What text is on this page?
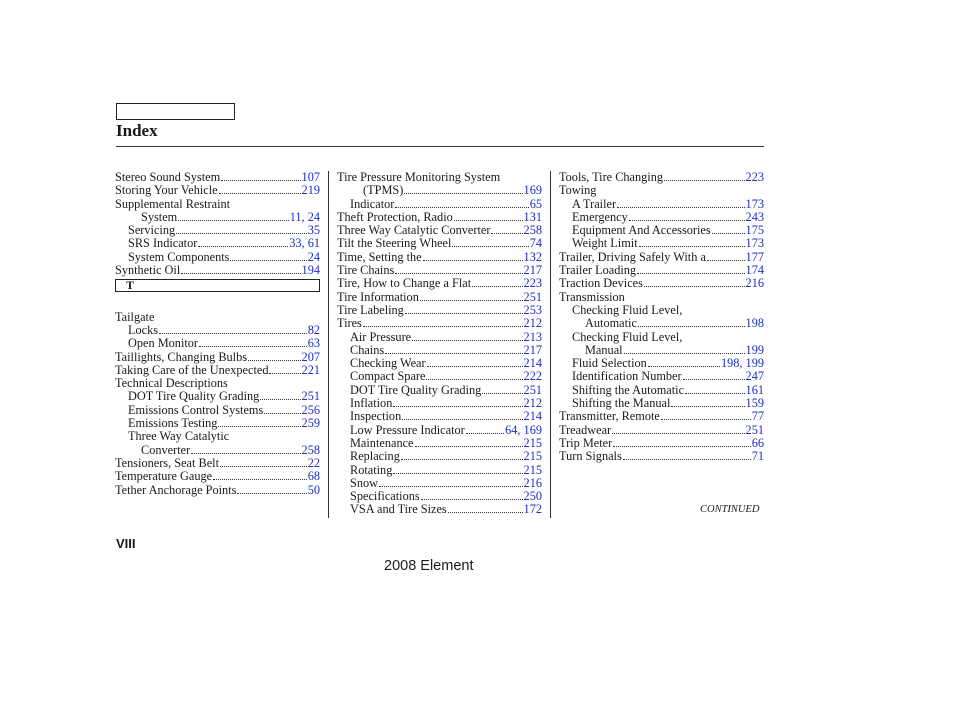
Index
Stereo Sound System	107
Storing Your Vehicle	219
Supplemental Restraint
System	11, 24
Servicing	35
SRS Indicator	33, 61
System Components	24
Synthetic Oil	194
T
Tailgate
Locks	82
Open Monitor	63
Taillights, Changing Bulbs	207
Taking Care of the Unexpected	221
Technical Descriptions
DOT Tire Quality Grading	251
Emissions Control Systems	256
Emissions Testing	259
Three Way Catalytic
Converter	258
Tensioners, Seat Belt	22
Temperature Gauge	68
Tether Anchorage Points	50
Tire Pressure Monitoring System
(TPMS)	169
Indicator	65
Theft Protection, Radio	131
Three Way Catalytic Converter	258
Tilt the Steering Wheel	74
Time, Setting the	132
Tire Chains	217
Tire, How to Change a Flat	223
Tire Information	251
Tire Labeling	253
Tires	212
Air Pressure	213
Chains	217
Checking Wear	214
Compact Spare	222
DOT Tire Quality Grading	251
Inflation	212
Inspection	214
Low Pressure Indicator	64, 169
Maintenance	215
Replacing	215
Rotating	215
Snow	216
Specifications	250
VSA and Tire Sizes	172
Tools, Tire Changing	223
Towing
A Trailer	173
Emergency	243
Equipment And Accessories	175
Weight Limit	173
Trailer, Driving Safely With a	177
Trailer Loading	174
Traction Devices	216
Transmission
Checking Fluid Level,
Automatic	198
Checking Fluid Level,
Manual	199
Fluid Selection	198, 199
Identification Number	247
Shifting the Automatic	161
Shifting the Manual	159
Transmitter, Remote	77
Treadwear	251
Trip Meter	66
Turn Signals	71
CONTINUED
VIII
2008 Element
